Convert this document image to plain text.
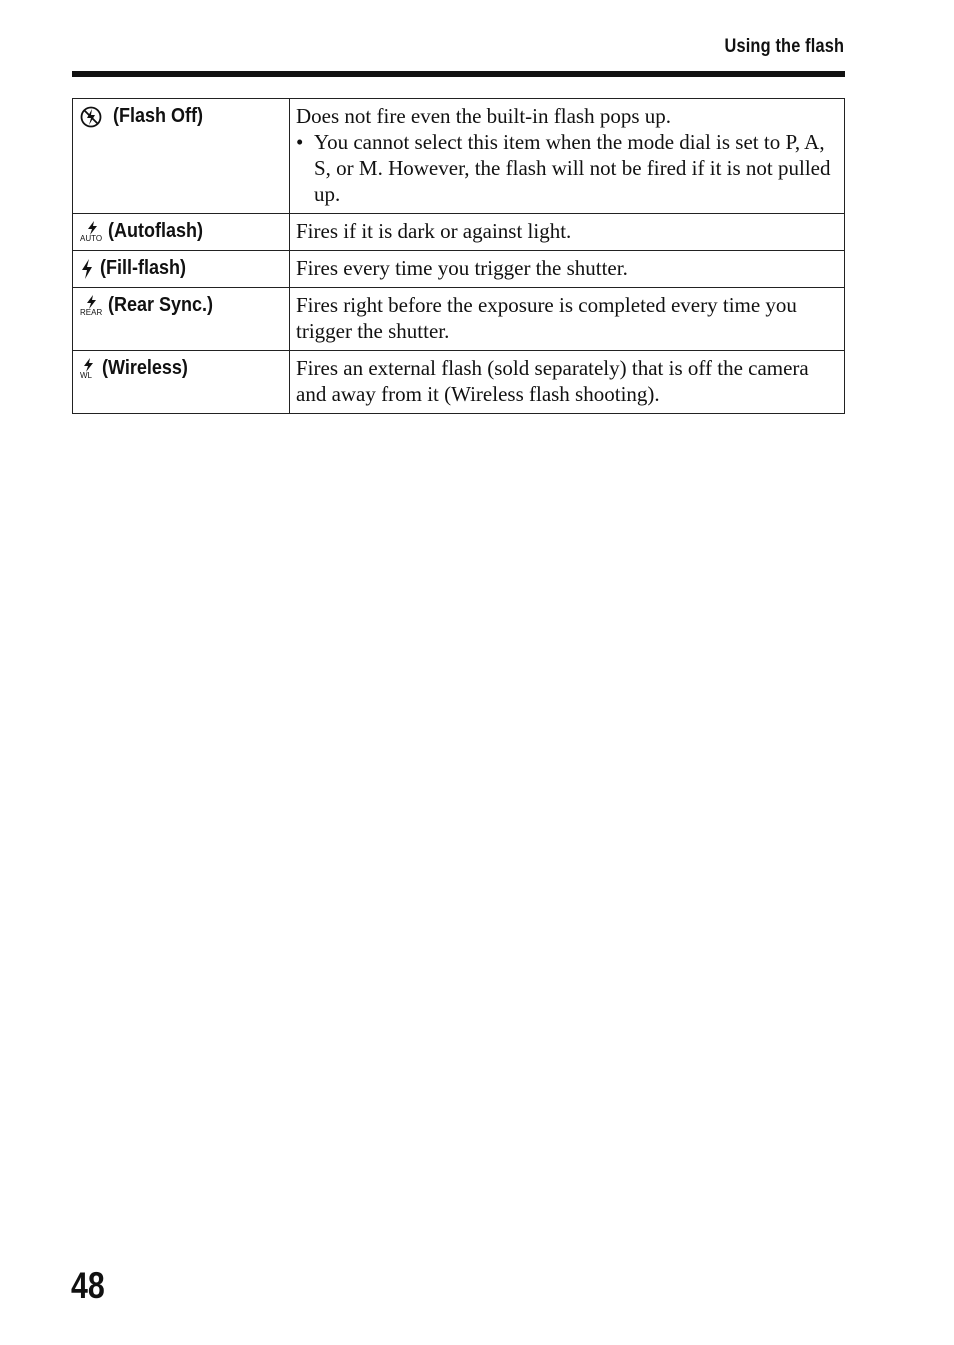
Using the flash
(Flash Off)	Does not fire even the built-in flash pops up.
• You cannot select this item when the mode dial is set to P, A, S, or M. However, the flash will not be fired if it is not pulled up.

AUTO (Autoflash)	Fires if it is dark or against light.

(Fill-flash)	Fires every time you trigger the shutter.

REAR (Rear Sync.)	Fires right before the exposure is completed every time you trigger the shutter.

WL (Wireless)	Fires an external flash (sold separately) that is off the camera and away from it (Wireless flash shooting).
48
